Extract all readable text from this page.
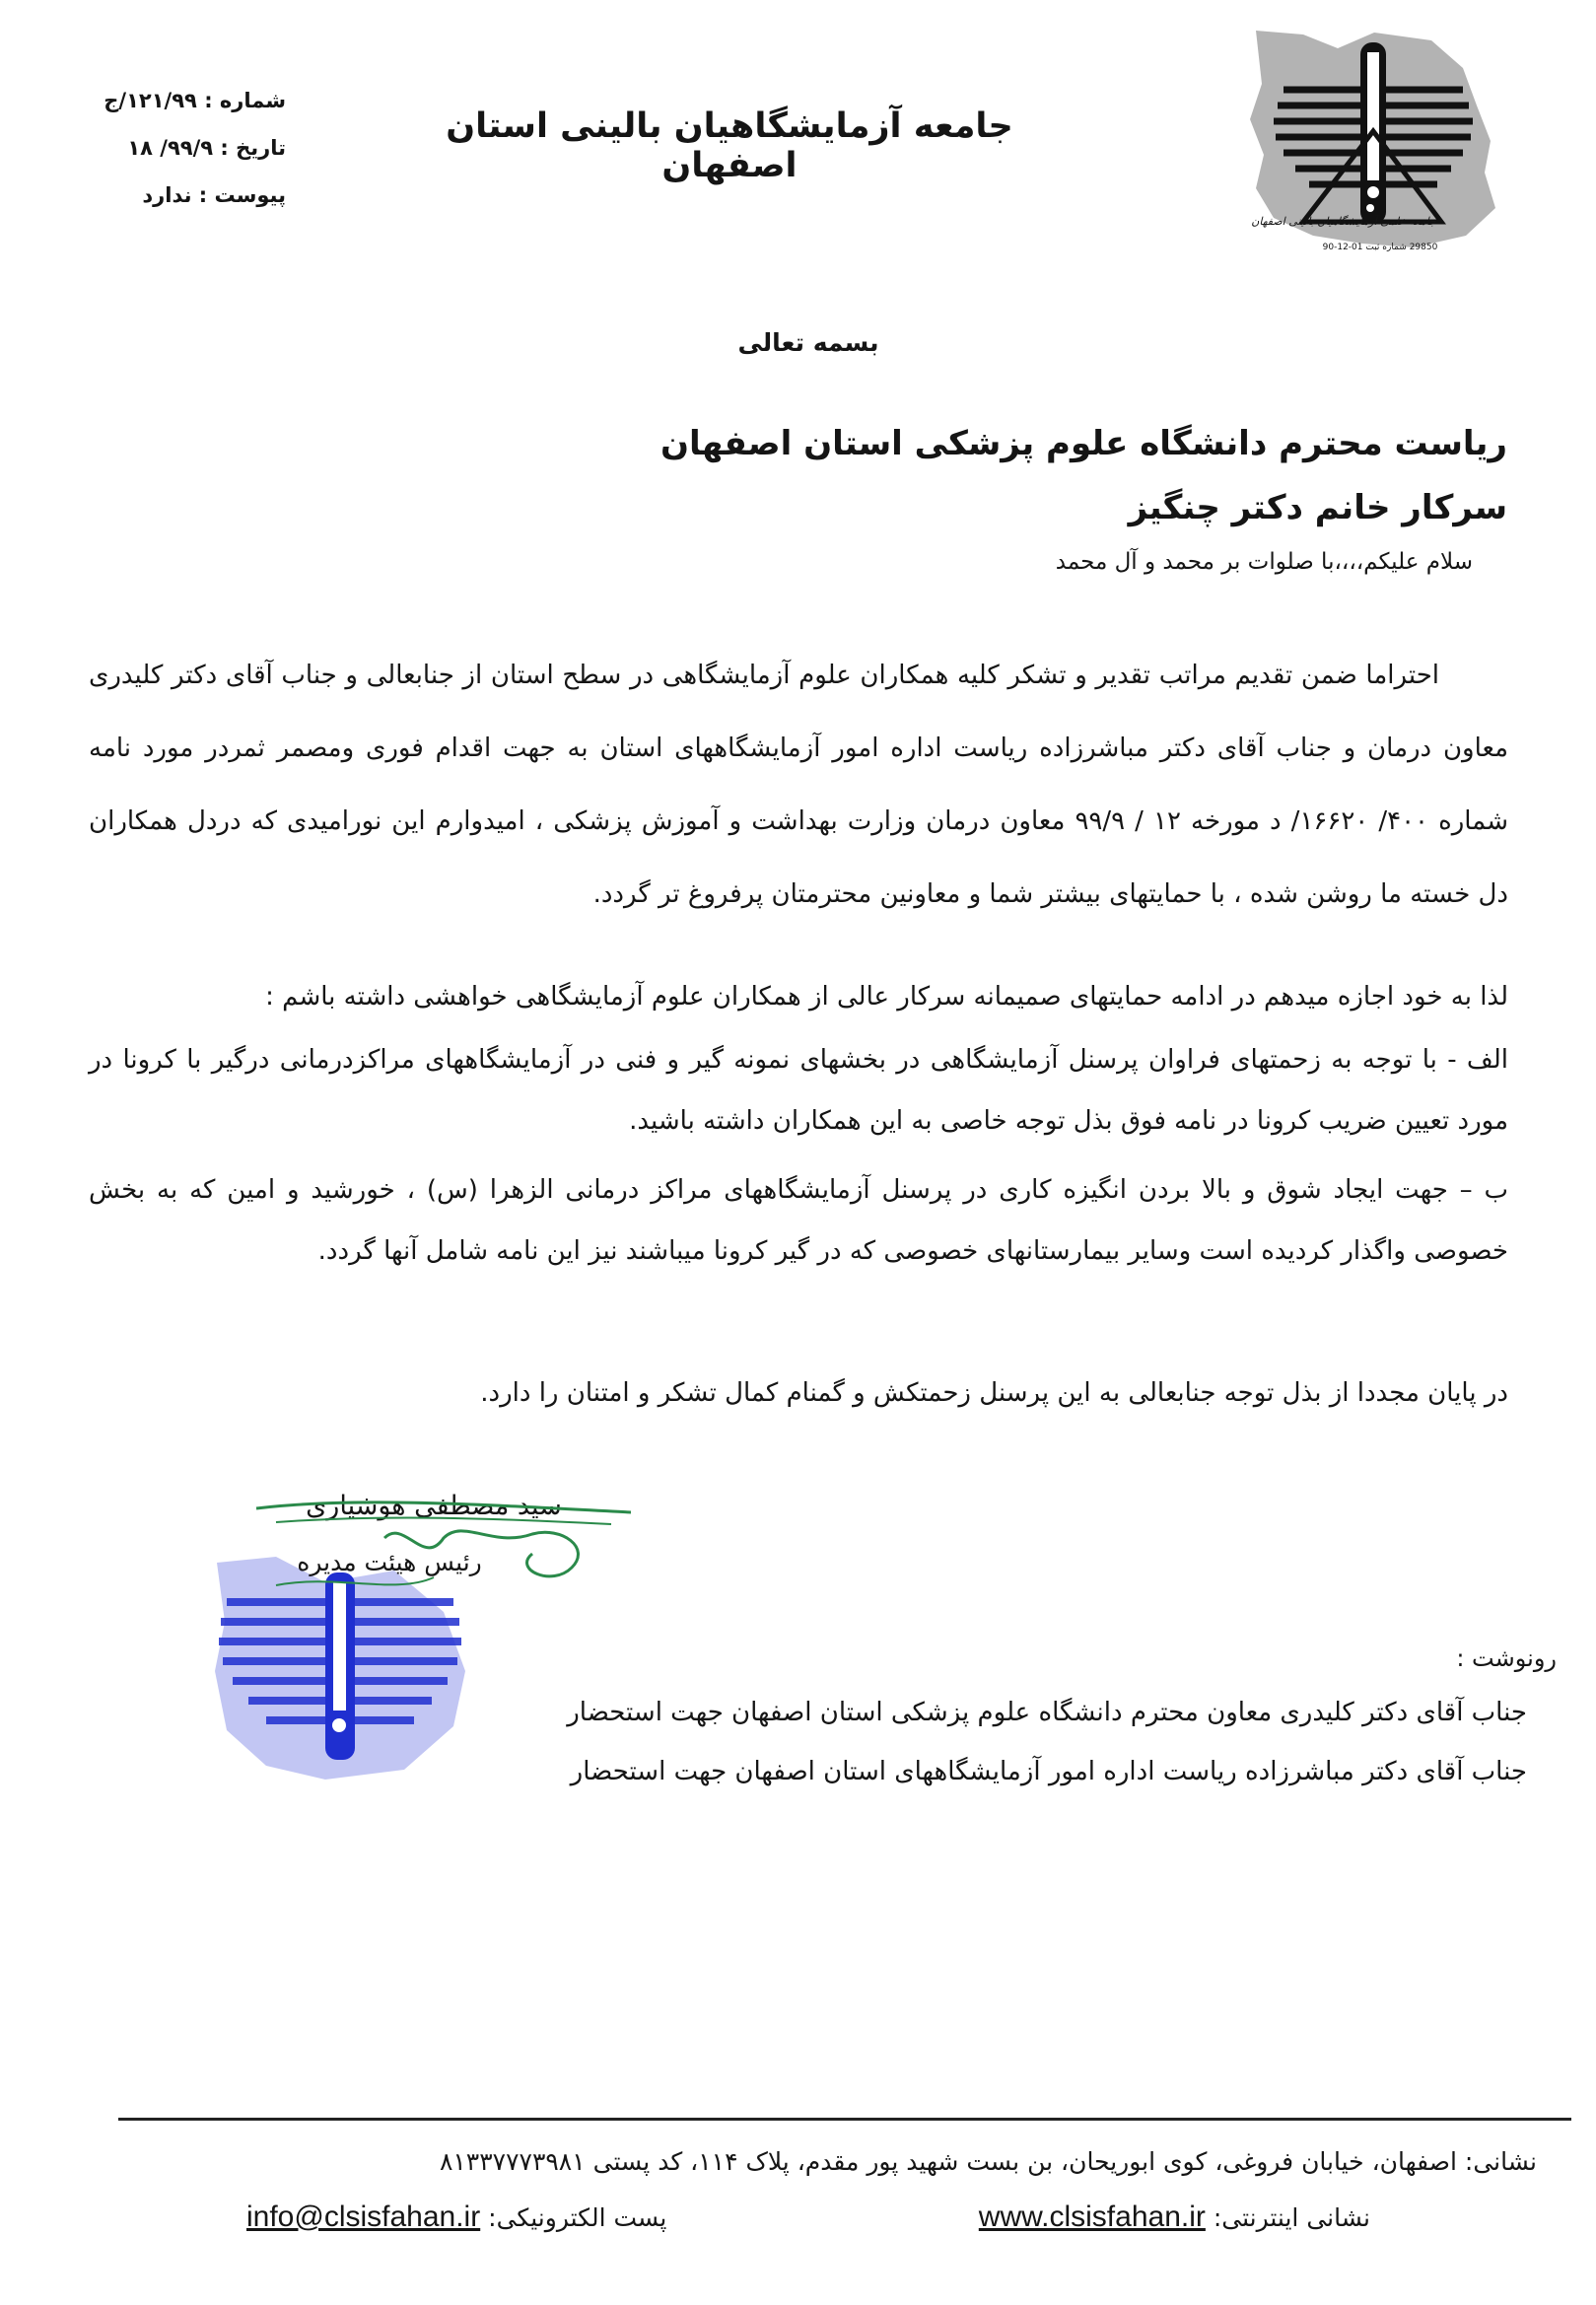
شماره : ۱۲۱/۹۹/ج
تاریخ : ۹۹/۹/ ۱۸
پیوست : ندارد
جامعه آزمایشگاهیان بالینی استان اصفهان
جامعه علمی آزمایشگاهیان بالینی اصفهان
29850 شماره ثبت 01-12-90
بسمه تعالی
ریاست محترم دانشگاه علوم پزشکی استان اصفهان
سرکار خانم دکتر چنگیز
سلام علیکم،،،،با صلوات بر محمد و آل محمد
احتراما ضمن تقدیم مراتب تقدیر و تشکر کلیه همکاران علوم آزمایشگاهی در سطح استان از جنابعالی و جناب آقای دکتر کلیدری معاون درمان و جناب آقای دکتر مباشرزاده ریاست اداره امور آزمایشگاههای استان به جهت اقدام فوری ومصمر ثمردر مورد نامه شماره ۴۰۰/ ۱۶۶۲۰/ د مورخه ۱۲ / ۹۹/۹ معاون درمان وزارت بهداشت و آموزش پزشکی ، امیدوارم این نورامیدی که دردل همکاران دل خسته ما روشن شده ، با حمایتهای بیشتر شما و معاونین محترمتان پرفروغ تر گردد.
لذا به خود اجازه میدهم در ادامه حمایتهای صمیمانه سرکار عالی از همکاران علوم آزمایشگاهی خواهشی داشته باشم :
الف - با توجه به زحمتهای فراوان پرسنل آزمایشگاهی در بخشهای نمونه گیر و فنی در آزمایشگاههای مراکزدرمانی درگیر با کرونا در مورد تعیین ضریب کرونا در نامه فوق بذل توجه خاصی به این همکاران داشته باشید.
ب – جهت ایجاد شوق و بالا بردن انگیزه کاری در پرسنل آزمایشگاههای مراکز درمانی الزهرا (س) ، خورشید و امین که به بخش خصوصی واگذار کردیده است وسایر بیمارستانهای خصوصی که در گیر کرونا میباشند نیز این نامه شامل آنها گردد.
در پایان مجددا از بذل توجه جنابعالی به این پرسنل زحمتکش و گمنام کمال تشکر و امتنان را دارد.
سید مصطفی هوشیاری
رئیس هیئت مدیره
رونوشت :
جناب آقای دکتر کلیدری معاون محترم دانشگاه علوم پزشکی استان اصفهان جهت استحضار
جناب آقای دکتر مباشرزاده ریاست اداره امور آزمایشگاههای استان اصفهان جهت استحضار
نشانی: اصفهان، خیابان فروغی، کوی ابوریحان، بن بست شهید پور مقدم، پلاک ۱۱۴، کد پستی ۸۱۳۳۷۷۷۳۹۸۱
نشانی اینترنتی: www.clsisfahan.ir
پست الکترونیکی: info@clsisfahan.ir
